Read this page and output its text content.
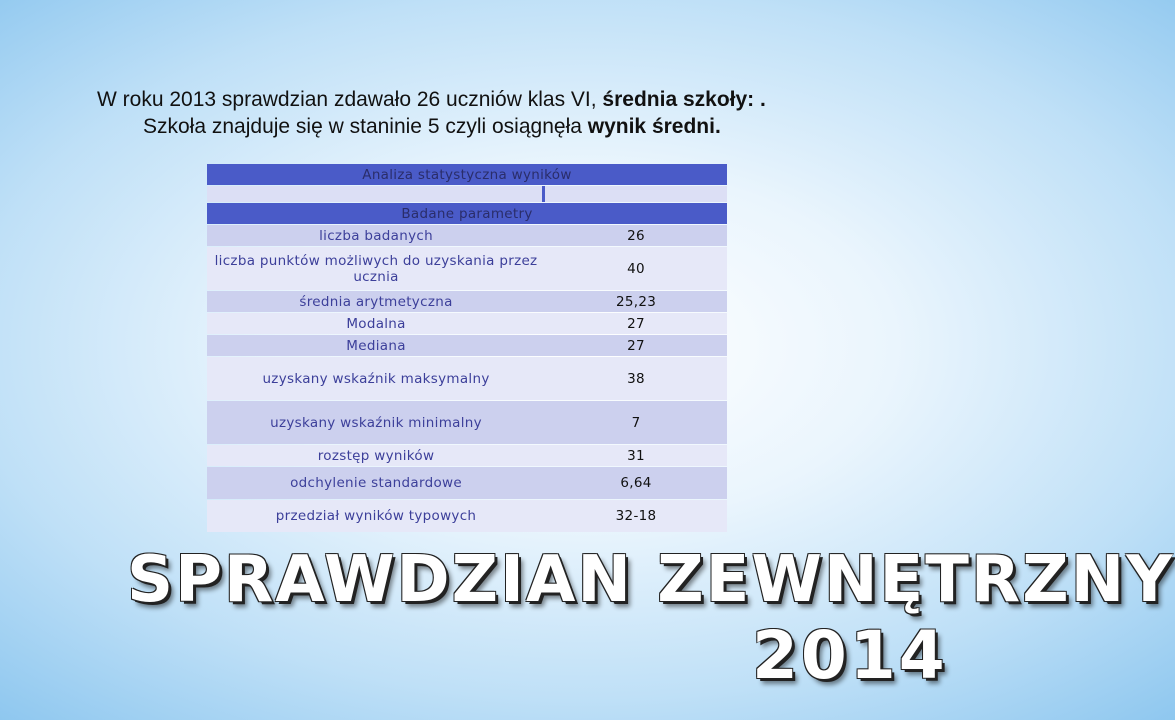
W roku 2013 sprawdzian zdawało 26 uczniów klas VI, średnia szkoły: .
Szkoła znajduje się w staninie 5 czyli osiągnęła wynik średni.
Analiza statystyczna wyników	

Badane parametry	
liczba badanych	26
liczba punktów możliwych do uzyskania przez ucznia	40
średnia arytmetyczna	25,23
Modalna	27
Mediana	27
uzyskany wskaźnik maksymalny	38
uzyskany wskaźnik minimalny	7
rozstęp wyników	31
odchylenie standardowe	6,64
przedział wyników typowych	32-18
SPRAWDZIAN ZEWNĘTRZNY
2014
